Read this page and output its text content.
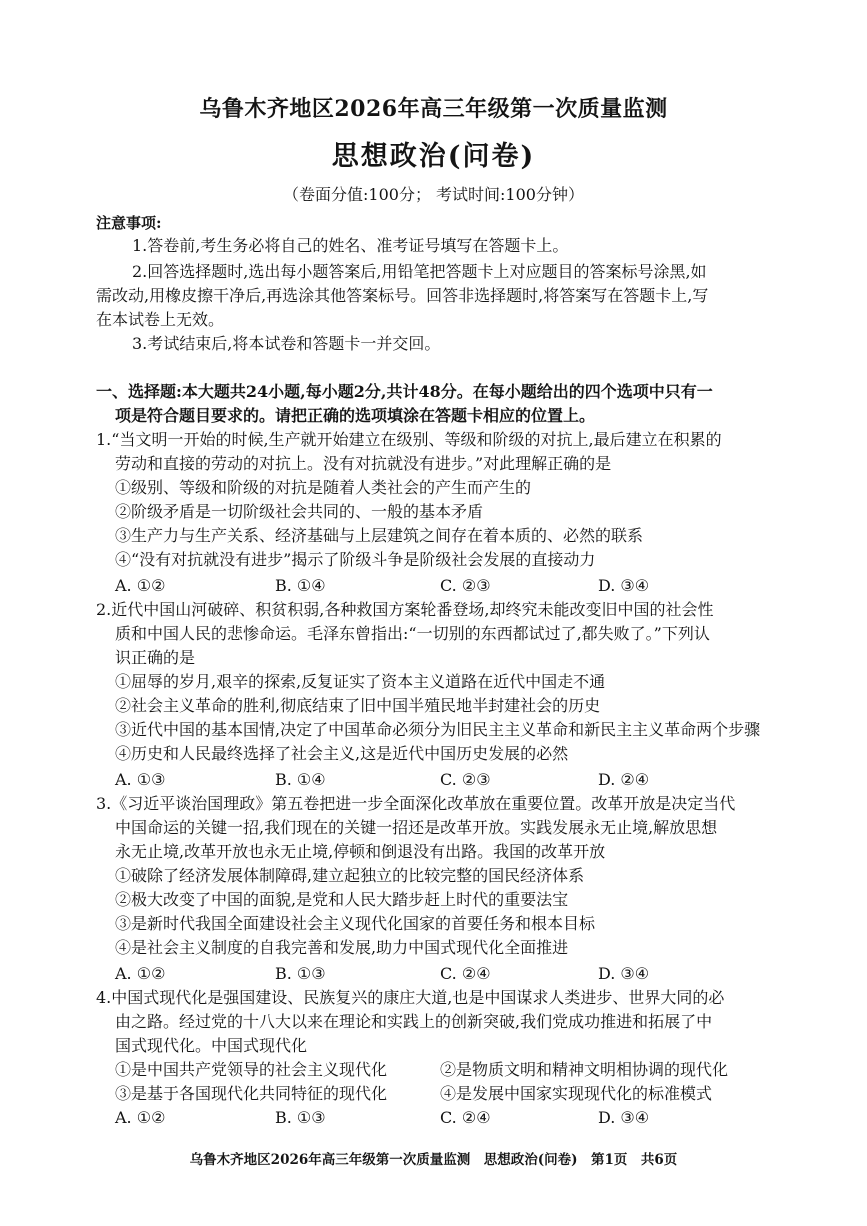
乌鲁木齐地区2026年高三年级第一次质量监测
思想政治(问卷)
（卷面分值:100分； 考试时间:100分钟）
注意事项:
1.答卷前,考生务必将自己的姓名、准考证号填写在答题卡上。
2.回答选择题时,选出每小题答案后,用铅笔把答题卡上对应题目的答案标号涂黑,如
需改动,用橡皮擦干净后,再选涂其他答案标号。回答非选择题时,将答案写在答题卡上,写
在本试卷上无效。
3.考试结束后,将本试卷和答题卡一并交回。
一、选择题:本大题共24小题,每小题2分,共计48分。在每小题给出的四个选项中只有一
项是符合题目要求的。请把正确的选项填涂在答题卡相应的位置上。
1.“当文明一开始的时候,生产就开始建立在级别、等级和阶级的对抗上,最后建立在积累的
劳动和直接的劳动的对抗上。没有对抗就没有进步。”对此理解正确的是
①级别、等级和阶级的对抗是随着人类社会的产生而产生的
②阶级矛盾是一切阶级社会共同的、一般的基本矛盾
③生产力与生产关系、经济基础与上层建筑之间存在着本质的、必然的联系
④“没有对抗就没有进步”揭示了阶级斗争是阶级社会发展的直接动力
A. ①②	B. ①④	C. ②③	D. ③④
2.近代中国山河破碎、积贫积弱,各种救国方案轮番登场,却终究未能改变旧中国的社会性
质和中国人民的悲惨命运。毛泽东曾指出:“一切别的东西都试过了,都失败了。”下列认
识正确的是
①屈辱的岁月,艰辛的探索,反复证实了资本主义道路在近代中国走不通
②社会主义革命的胜利,彻底结束了旧中国半殖民地半封建社会的历史
③近代中国的基本国情,决定了中国革命必须分为旧民主主义革命和新民主主义革命两个步骤
④历史和人民最终选择了社会主义,这是近代中国历史发展的必然
A. ①③	B. ①④	C. ②③	D. ②④
3.《习近平谈治国理政》第五卷把进一步全面深化改革放在重要位置。改革开放是决定当代
中国命运的关键一招,我们现在的关键一招还是改革开放。实践发展永无止境,解放思想
永无止境,改革开放也永无止境,停顿和倒退没有出路。我国的改革开放
①破除了经济发展体制障碍,建立起独立的比较完整的国民经济体系
②极大改变了中国的面貌,是党和人民大踏步赶上时代的重要法宝
③是新时代我国全面建设社会主义现代化国家的首要任务和根本目标
④是社会主义制度的自我完善和发展,助力中国式现代化全面推进
A. ①②	B. ①③	C. ②④	D. ③④
4.中国式现代化是强国建设、民族复兴的康庄大道,也是中国谋求人类进步、世界大同的必
由之路。经过党的十八大以来在理论和实践上的创新突破,我们党成功推进和拓展了中
国式现代化。中国式现代化
①是中国共产党领导的社会主义现代化	②是物质文明和精神文明相协调的现代化
③是基于各国现代化共同特征的现代化	④是发展中国家实现现代化的标准模式
A. ①②	B. ①③	C. ②④	D. ③④
乌鲁木齐地区2026年高三年级第一次质量监测　思想政治(问卷)　第1页　共6页
